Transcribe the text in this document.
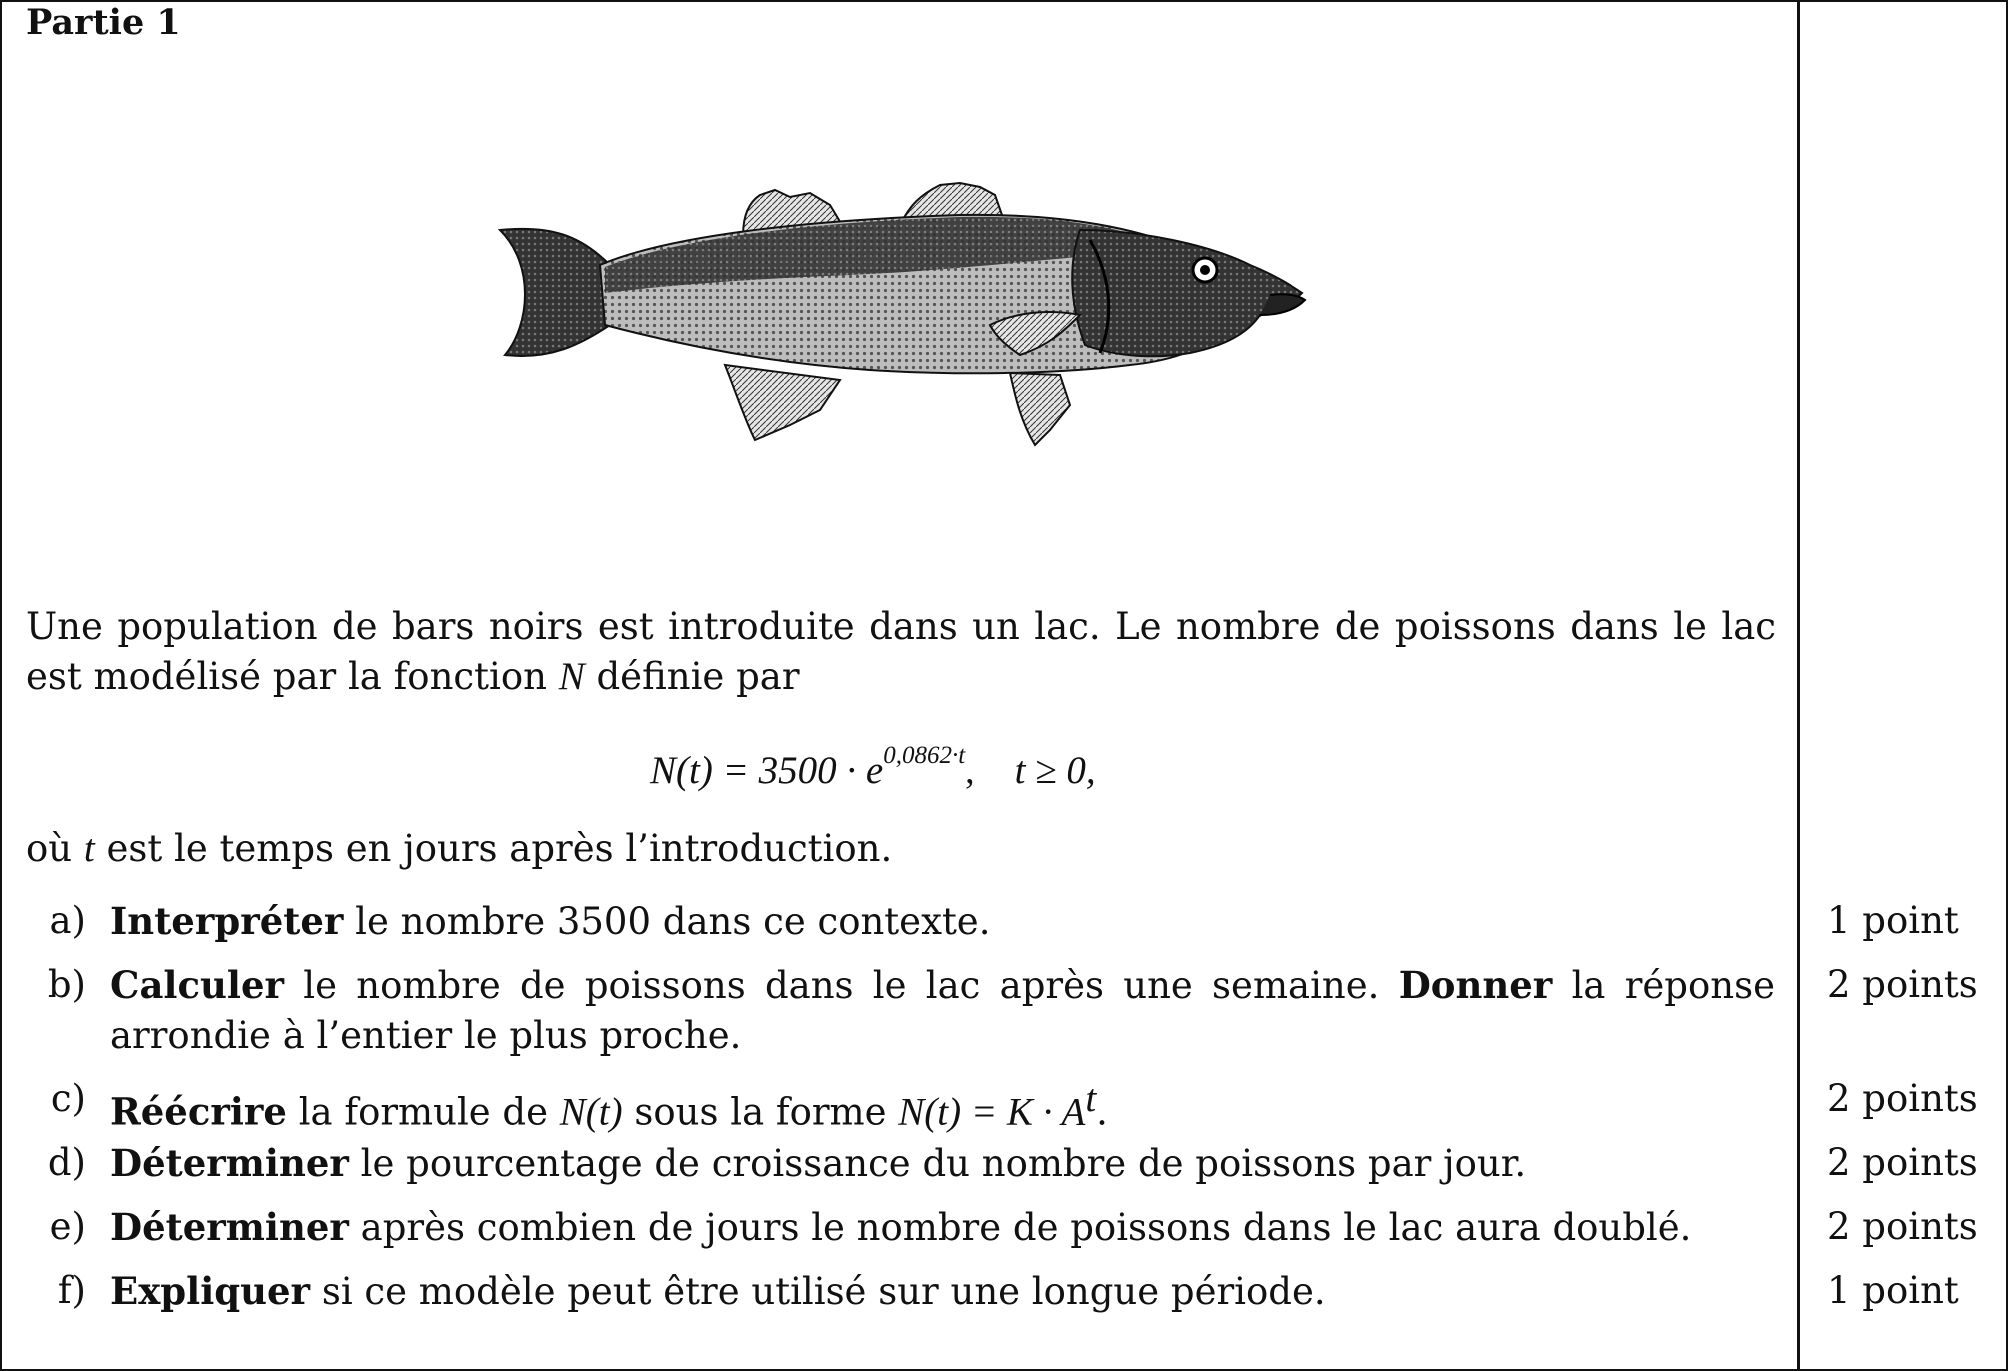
Partie 1
Une population de bars noirs est introduite dans un lac. Le nombre de poissons dans le lac est modélisé par la fonction N définie par
$N(t) = 3500 \cdot e^{0,0862\cdot t}$, t ≥ 0,
où t est le temps en jours après l’introduction.
a) Interpréter le nombre 3500 dans ce contexte.	1 point
b) Calculer le nombre de poissons dans le lac après une semaine. Donner la réponse arrondie à l’entier le plus proche.
2 points
c) Réécrire la formule de N(t) sous la forme $N(t) = K \cdot A^t$.	2 points
d) Déterminer le pourcentage de croissance du nombre de poissons par jour.	2 points
e) Déterminer après combien de jours le nombre de poissons dans le lac aura doublé.	2 points
f) Expliquer si ce modèle peut être utilisé sur une longue période.	1 point
